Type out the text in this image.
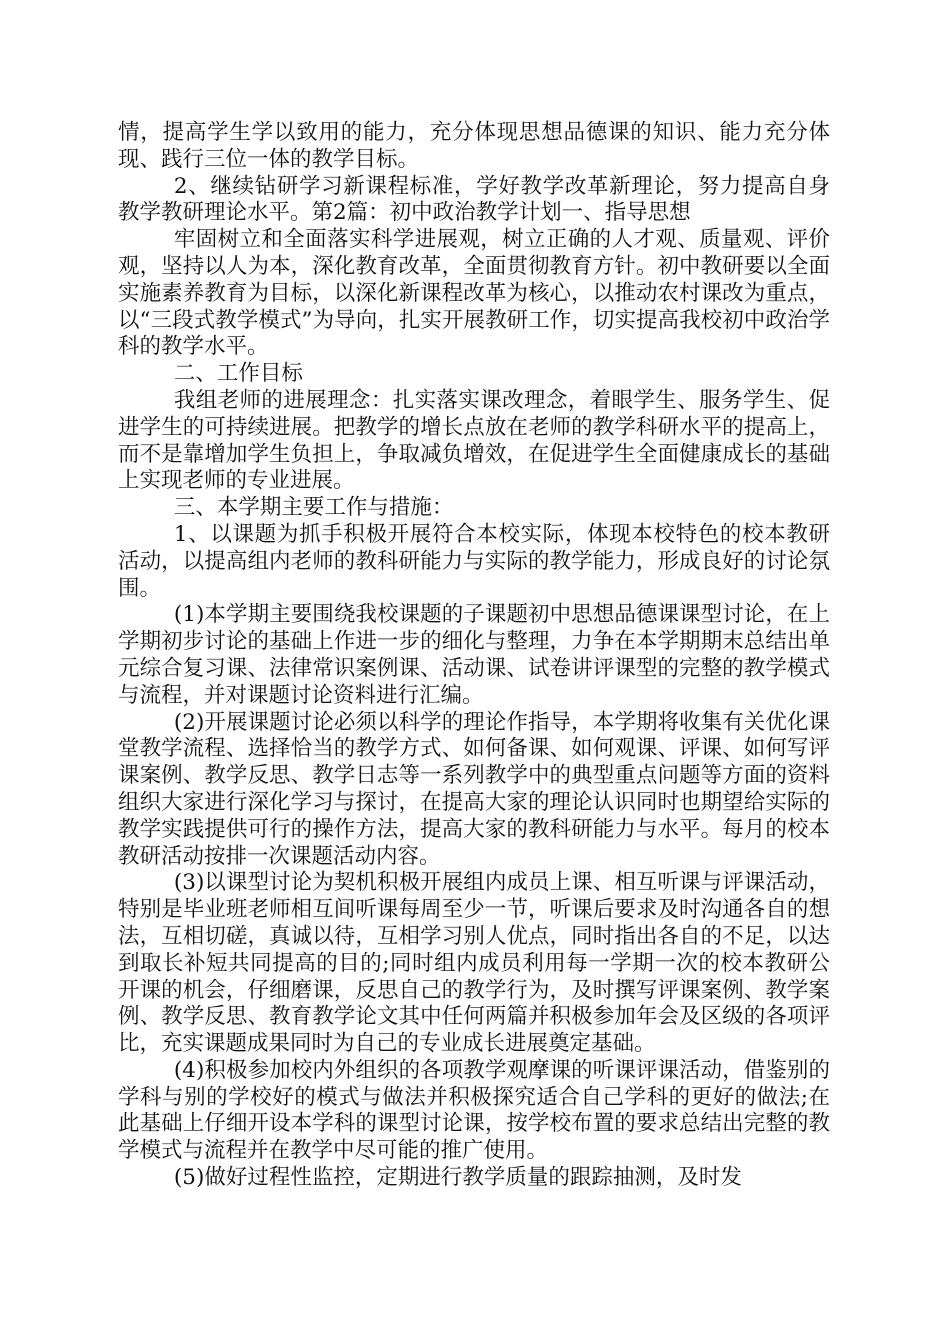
情，提高学生学以致用的能力，充分体现思想品德课的知识、能力充分体现、践行三位一体的教学目标。

2、继续钻研学习新课程标准，学好教学改革新理论，努力提高自身教学教研理论水平。第2篇：初中政治教学计划一、指导思想

牢固树立和全面落实科学进展观，树立正确的人才观、质量观、评价观，坚持以人为本，深化教育改革，全面贯彻教育方针。初中教研要以全面实施素养教育为目标，以深化新课程改革为核心，以推动农村课改为重点，以“三段式教学模式”为导向，扎实开展教研工作，切实提高我校初中政治学科的教学水平。

二、工作目标

我组老师的进展理念：扎实落实课改理念，着眼学生、服务学生、促进学生的可持续进展。把教学的增长点放在老师的教学科研水平的提高上，而不是靠增加学生负担上，争取减负增效，在促进学生全面健康成长的基础上实现老师的专业进展。

三、本学期主要工作与措施：

1、以课题为抓手积极开展符合本校实际，体现本校特色的校本教研活动，以提高组内老师的教科研能力与实际的教学能力，形成良好的讨论氛围。

(1)本学期主要围绕我校课题的子课题初中思想品德课课型讨论，在上学期初步讨论的基础上作进一步的细化与整理，力争在本学期期末总结出单元综合复习课、法律常识案例课、活动课、试卷讲评课型的完整的教学模式与流程，并对课题讨论资料进行汇编。

(2)开展课题讨论必须以科学的理论作指导，本学期将收集有关优化课堂教学流程、选择恰当的教学方式、如何备课、如何观课、评课、如何写评课案例、教学反思、教学日志等一系列教学中的典型重点问题等方面的资料组织大家进行深化学习与探讨，在提高大家的理论认识同时也期望给实际的教学实践提供可行的操作方法，提高大家的教科研能力与水平。每月的校本教研活动按排一次课题活动内容。

(3)以课型讨论为契机积极开展组内成员上课、相互听课与评课活动，特别是毕业班老师相互间听课每周至少一节，听课后要求及时沟通各自的想法，互相切磋，真诚以待，互相学习别人优点，同时指出各自的不足，以达到取长补短共同提高的目的;同时组内成员利用每一学期一次的校本教研公开课的机会，仔细磨课，反思自己的教学行为，及时撰写评课案例、教学案例、教学反思、教育教学论文其中任何两篇并积极参加年会及区级的各项评比，充实课题成果同时为自己的专业成长进展奠定基础。

(4)积极参加校内外组织的各项教学观摩课的听课评课活动，借鉴别的学科与别的学校好的模式与做法并积极探究适合自己学科的更好的做法;在此基础上仔细开设本学科的课型讨论课，按学校布置的要求总结出完整的教学模式与流程并在教学中尽可能的推广使用。

(5)做好过程性监控，定期进行教学质量的跟踪抽测，及时发
